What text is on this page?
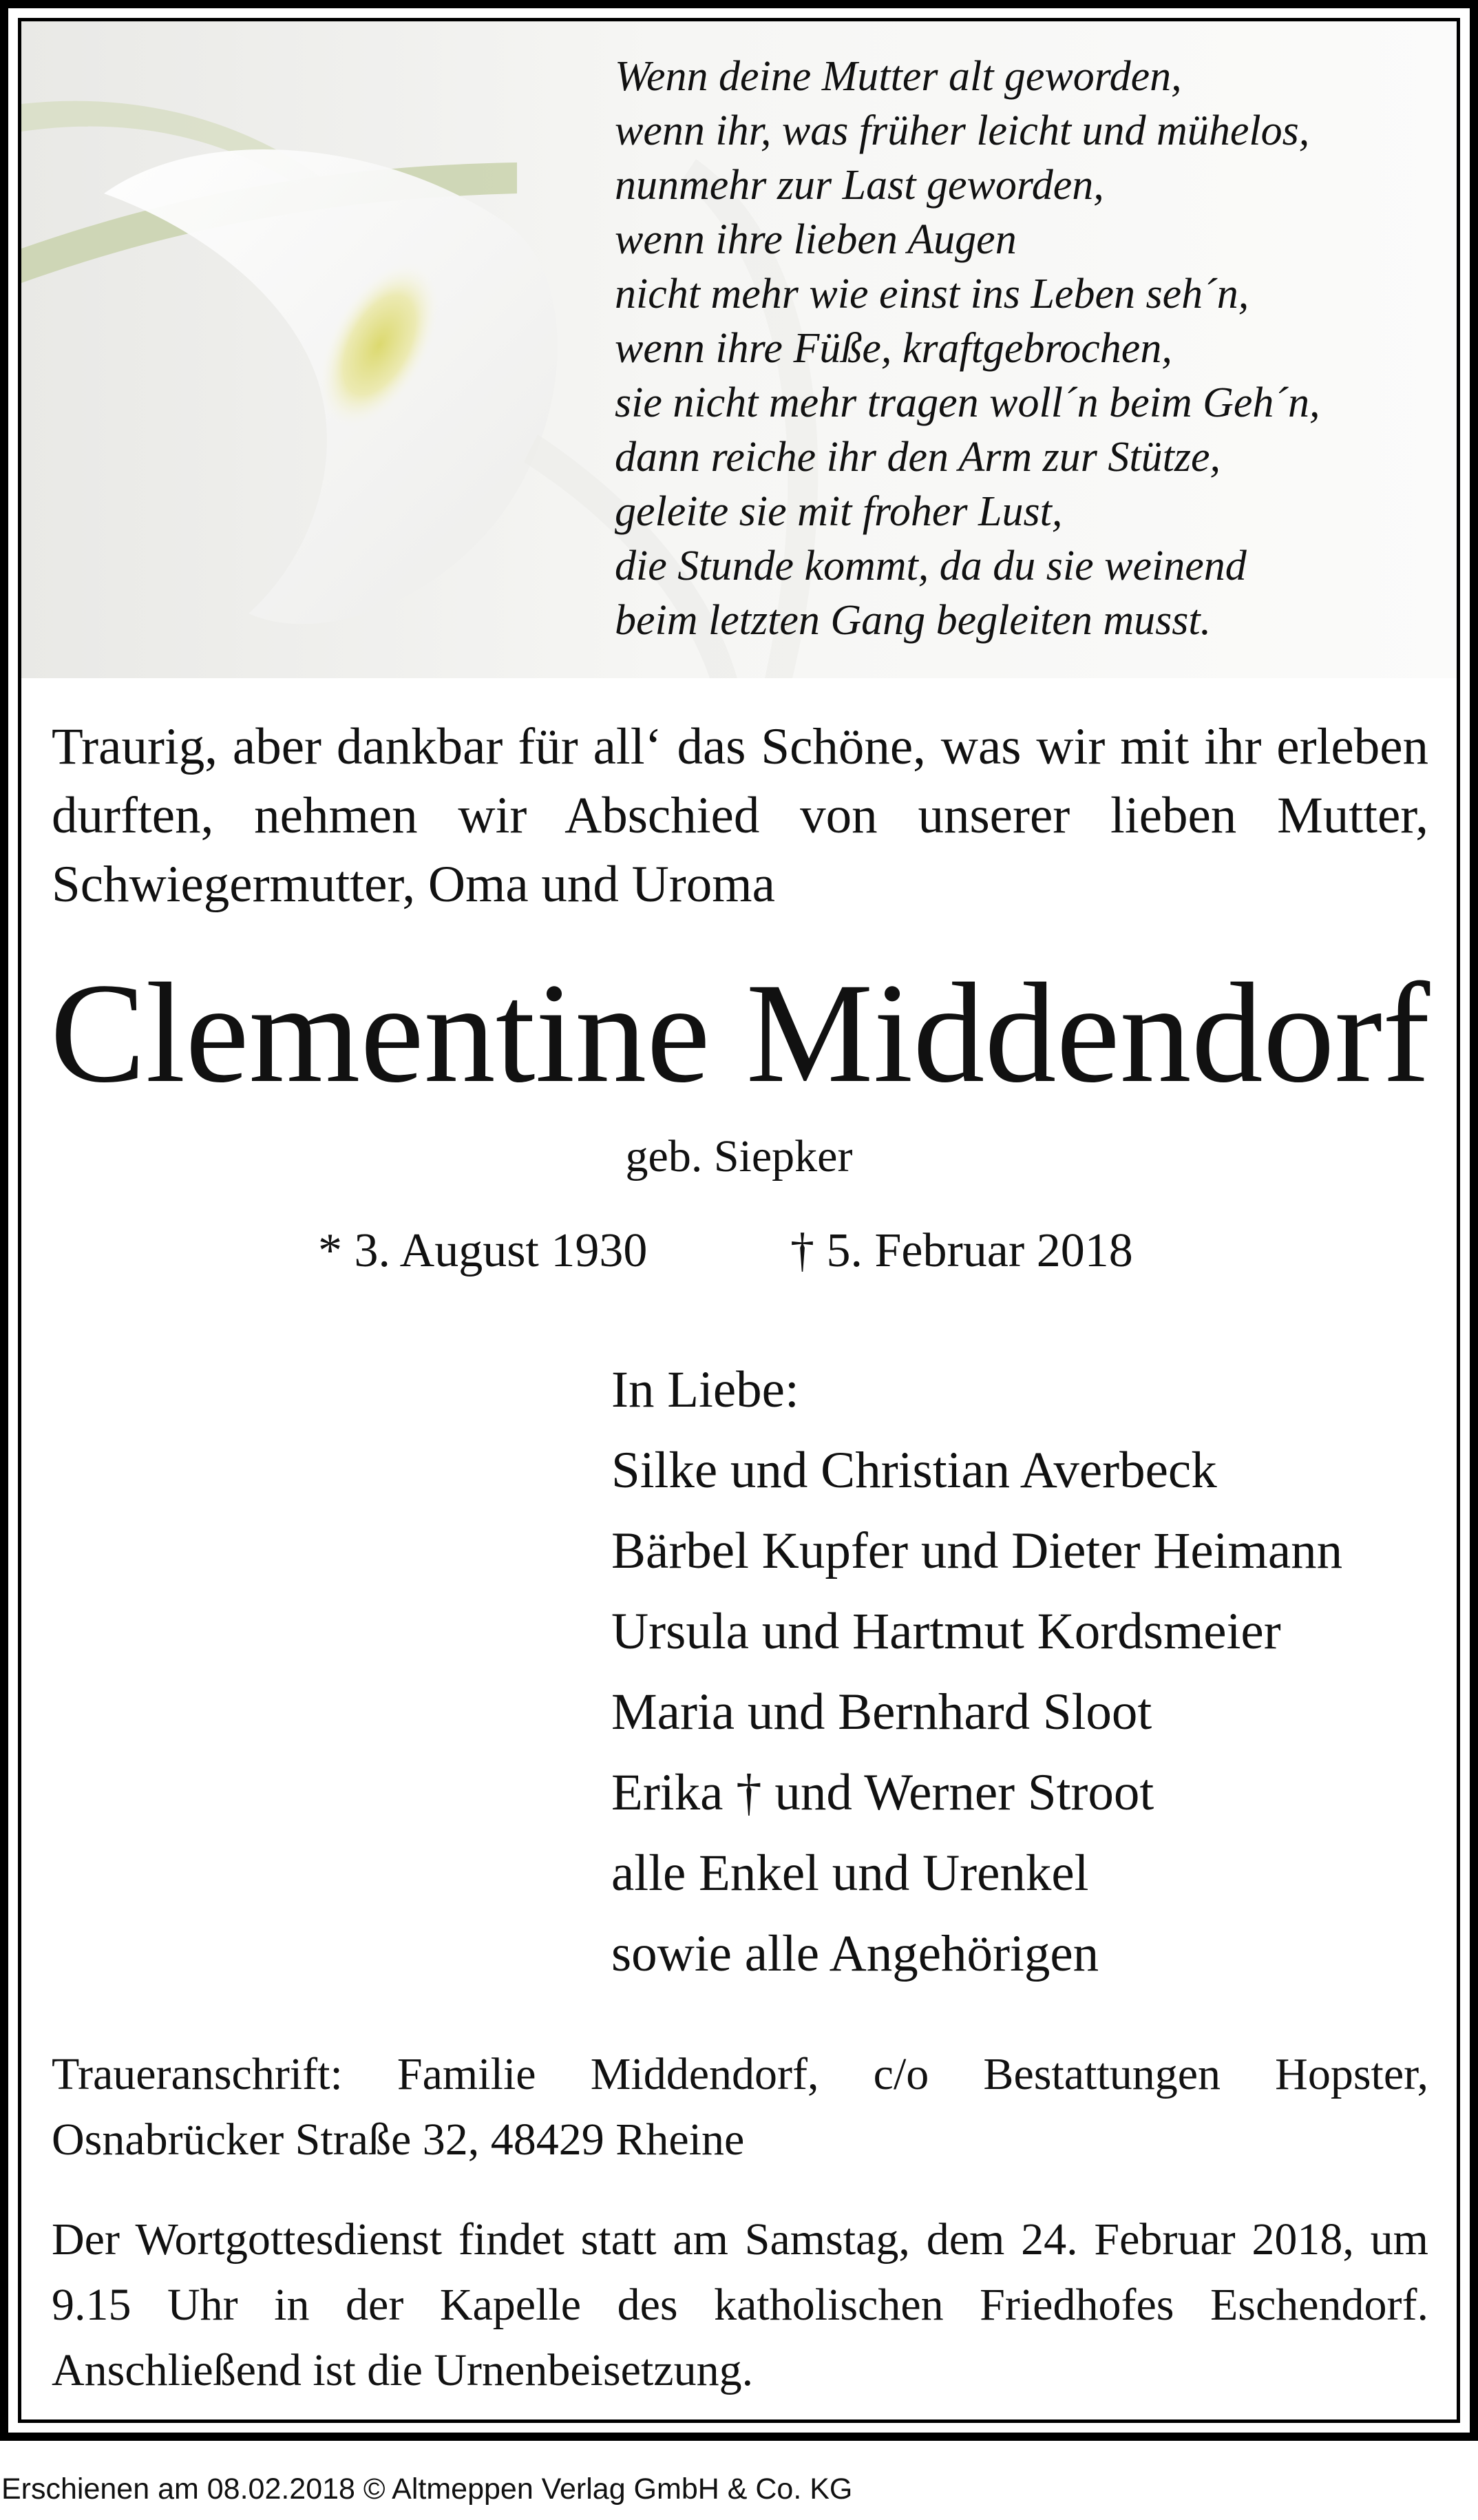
Wenn deine Mutter alt geworden,
wenn ihr, was früher leicht und mühelos,
nunmehr zur Last geworden,
wenn ihre lieben Augen
nicht mehr wie einst ins Leben seh´n,
wenn ihre Füße, kraftgebrochen,
sie nicht mehr tragen woll´n beim Geh´n,
dann reiche ihr den Arm zur Stütze,
geleite sie mit froher Lust,
die Stunde kommt, da du sie weinend
beim letzten Gang begleiten musst.
Traurig, aber dankbar für all‘ das Schöne, was wir mit ihr erleben durften, nehmen wir Abschied von unserer lieben Mutter, Schwiegermutter, Oma und Uroma
Clementine Middendorf
geb. Siepker
* 3. August 1930	† 5. Februar 2018
In Liebe:
Silke und Christian Averbeck
Bärbel Kupfer und Dieter Heimann
Ursula und Hartmut Kordsmeier
Maria und Bernhard Sloot
Erika † und Werner Stroot
alle Enkel und Urenkel
sowie alle Angehörigen
Traueranschrift: Familie Middendorf, c/o Bestattungen Hopster, Osnabrücker Straße 32, 48429 Rheine
Der Wortgottesdienst findet statt am Samstag, dem 24. Februar 2018, um 9.15 Uhr in der Kapelle des katholischen Friedhofes Eschendorf. Anschließend ist die Urnenbeisetzung.
Erschienen am 08.02.2018 © Altmeppen Verlag GmbH & Co. KG
